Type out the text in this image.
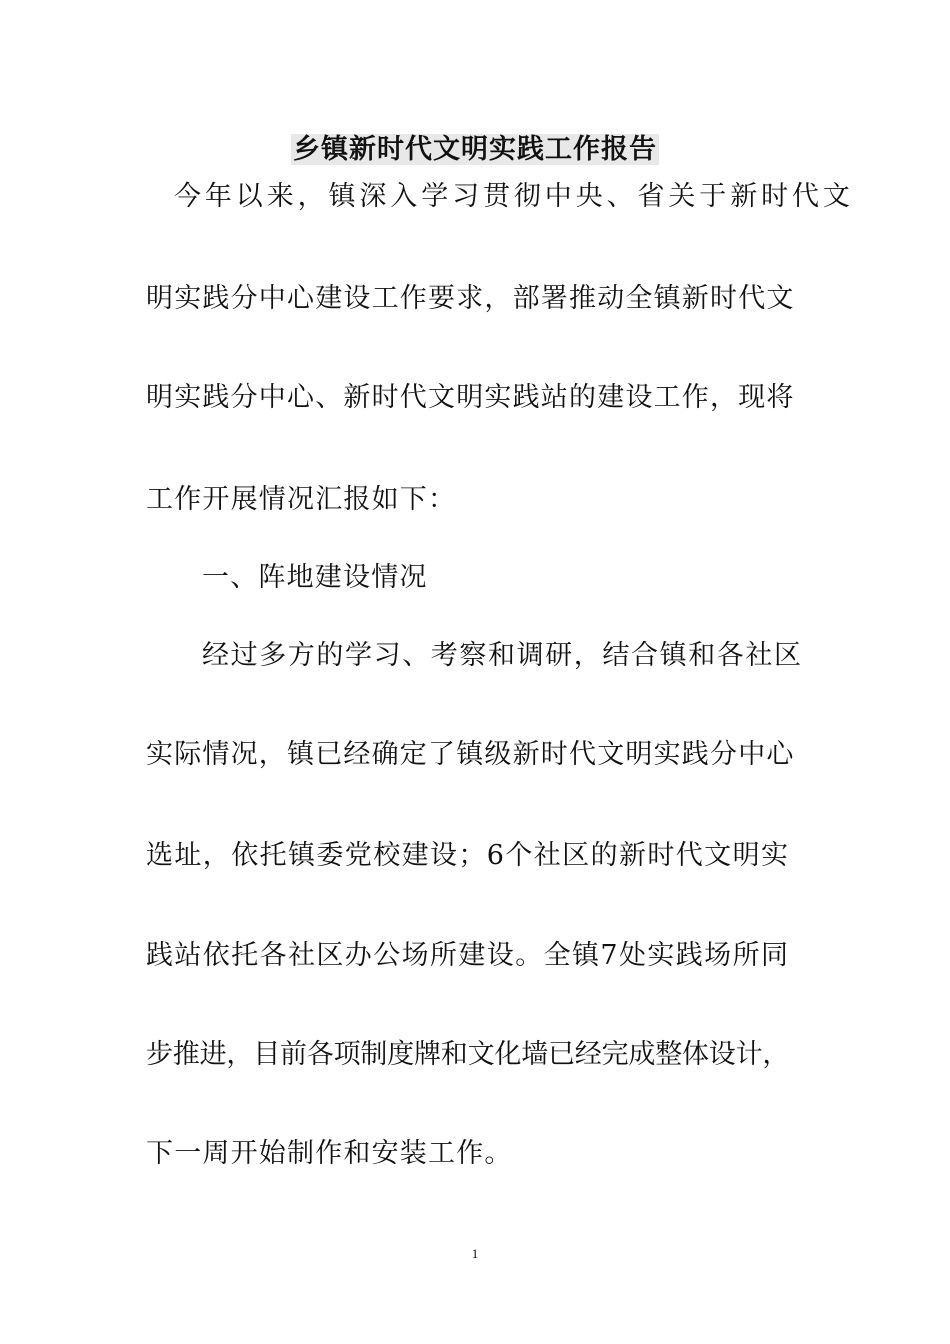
乡镇新时代文明实践工作报告
今年以来，镇深入学习贯彻中央、省关于新时代文
明实践分中心建设工作要求，部署推动全镇新时代文
明实践分中心、新时代文明实践站的建设工作，现将
工作开展情况汇报如下：
一、阵地建设情况
经过多方的学习、考察和调研，结合镇和各社区
实际情况，镇已经确定了镇级新时代文明实践分中心
选址，依托镇委党校建设；6个社区的新时代文明实
践站依托各社区办公场所建设。全镇7处实践场所同
步推进，目前各项制度牌和文化墙已经完成整体设计，
下一周开始制作和安装工作。
1
